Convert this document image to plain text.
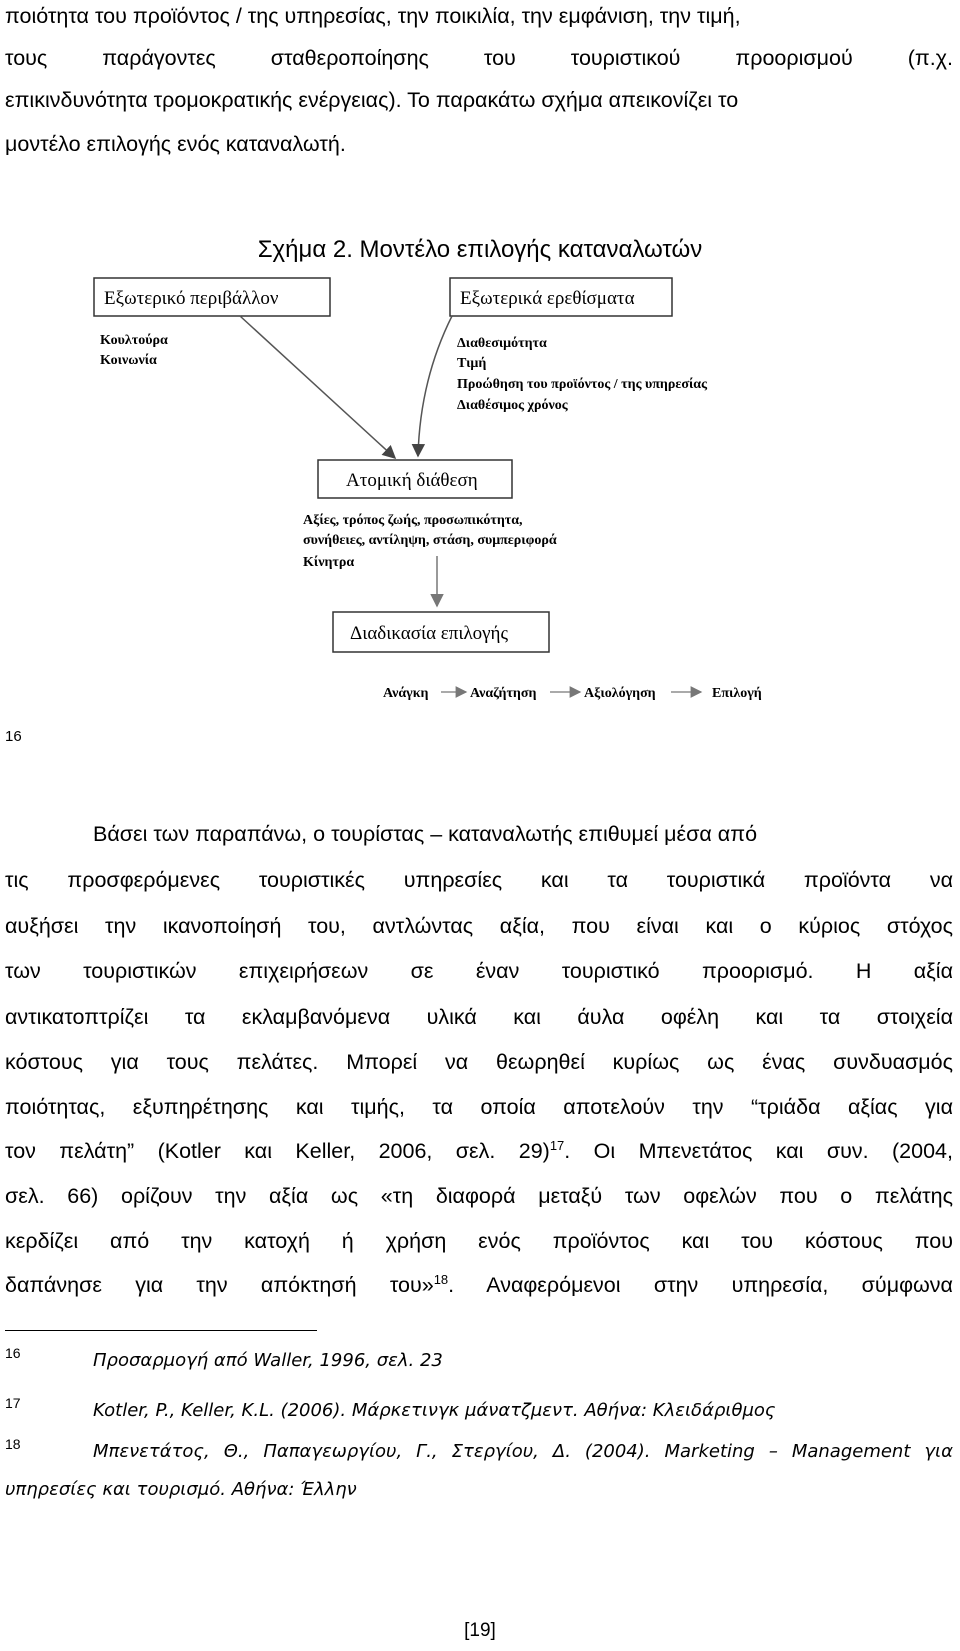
ποιότητα του προϊόντος / της υπηρεσίας, την ποικιλία, την εμφάνιση, την τιμή,
τους παράγοντες σταθεροποίησης του τουριστικού προορισμού (π.χ.
επικινδυνότητα τρομοκρατικής ενέργειας). Το παρακάτω σχήμα απεικονίζει το
μοντέλο επιλογής ενός καταναλωτή.
Σχήμα 2. Μοντέλο επιλογής καταναλωτών
Εξωτερικό περιβάλλον
Κουλτούρα
Κοινωνία
Εξωτερικά ερεθίσματα
Διαθεσιμότητα
Τιμή
Προώθηση του προϊόντος / της υπηρεσίας
Διαθέσιμος χρόνος
Ατομική διάθεση
Αξίες, τρόπος ζωής, προσωπικότητα,
συνήθειες, αντίληψη, στάση, συμπεριφορά
Κίνητρα
Διαδικασία επιλογής
Ανάγκη	Αναζήτηση	Αξιολόγηση	Επιλογή
16
Βάσει των παραπάνω, ο τουρίστας – καταναλωτής επιθυμεί μέσα από
τις προσφερόμενες τουριστικές υπηρεσίες και τα τουριστικά προϊόντα να
αυξήσει την ικανοποίησή του, αντλώντας αξία, που είναι και ο κύριος στόχος
των τουριστικών επιχειρήσεων σε έναν τουριστικό προορισμό. Η αξία
αντικατοπτρίζει τα εκλαμβανόμενα υλικά και άυλα οφέλη και τα στοιχεία
κόστους για τους πελάτες. Μπορεί να θεωρηθεί κυρίως ως ένας συνδυασμός
ποιότητας, εξυπηρέτησης και τιμής, τα οποία αποτελούν την “τριάδα αξίας για
τον πελάτη” (Kotler και Keller, 2006, σελ. 29)$^{17}$. Οι Μπενετάτος και συν. (2004,
σελ. 66) ορίζουν την αξία ως «τη διαφορά μεταξύ των οφελών που ο πελάτης
κερδίζει από την κατοχή ή χρήση ενός προϊόντος και του κόστους που
δαπάνησε για την απόκτησή του»$^{18}$. Αναφερόμενοι στην υπηρεσία, σύμφωνα
16	Προσαρμογή από Waller, 1996, σελ. 23
17	Kotler, P., Keller, K.L. (2006). Μάρκετινγκ μάνατζμεντ. Αθήνα: Κλειδάριθμος
18	Μπενετάτος, Θ., Παπαγεωργίου, Γ., Στεργίου, Δ. (2004). Marketing – Management για
υπηρεσίες και τουρισμό. Αθήνα: Έλλην
[19]
